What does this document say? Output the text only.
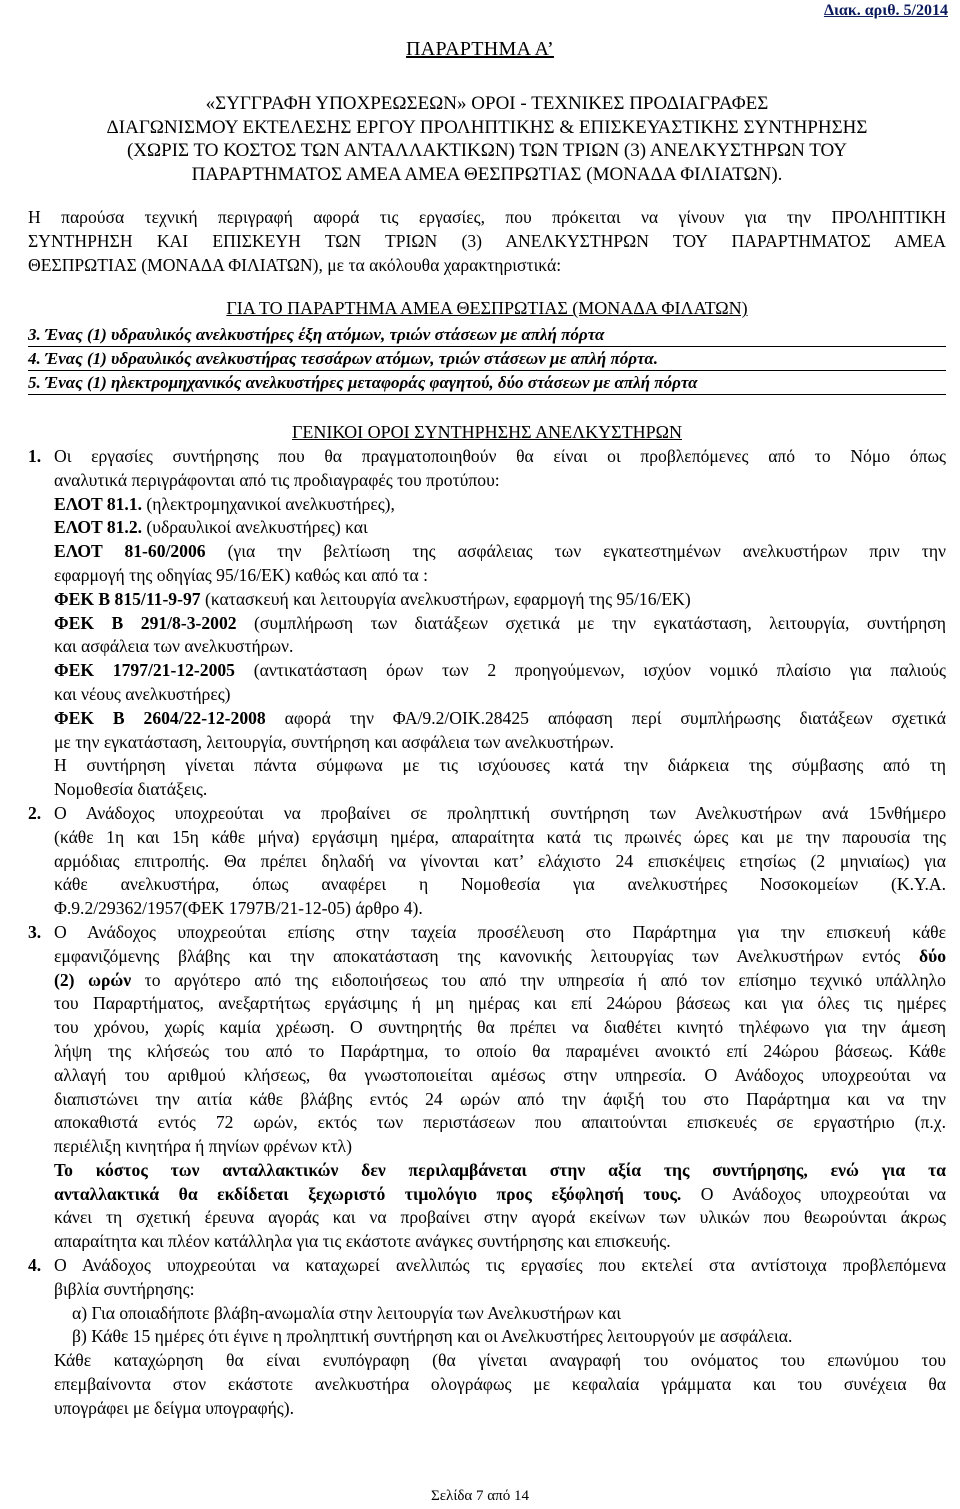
Διακ. αριθ. 5/2014
ΠΑΡΑΡΤΗΜΑ Α’
«ΣΥΓΓΡΑΦΗ ΥΠΟΧΡΕΩΣΕΩΝ» ΟΡΟΙ - ΤΕΧΝΙΚΕΣ ΠΡΟΔΙΑΓΡΑΦΕΣ
ΔΙΑΓΩΝΙΣΜΟΥ ΕΚΤΕΛΕΣΗΣ ΕΡΓΟΥ ΠΡΟΛΗΠΤΙΚΗΣ & ΕΠΙΣΚΕΥΑΣΤΙΚΗΣ ΣΥΝΤΗΡΗΣΗΣ
(ΧΩΡΙΣ ΤΟ ΚΟΣΤΟΣ ΤΩΝ ΑΝΤΑΛΛΑΚΤΙΚΩΝ) ΤΩΝ ΤΡΙΩΝ (3) ΑΝΕΛΚΥΣΤΗΡΩΝ ΤΟΥ
ΠΑΡΑΡΤΗΜΑΤΟΣ ΑΜΕΑ ΑΜΕΑ ΘΕΣΠΡΩΤΙΑΣ (ΜΟΝΑΔΑ ΦΙΛΙΑΤΩΝ).
Η παρούσα τεχνική περιγραφή αφορά τις εργασίες, που πρόκειται να γίνουν για την ΠΡΟΛΗΠΤΙΚΗ
ΣΥΝΤΗΡΗΣΗ ΚΑΙ ΕΠΙΣΚΕΥΗ ΤΩΝ ΤΡΙΩΝ (3) ΑΝΕΛΚΥΣΤΗΡΩΝ ΤΟΥ ΠΑΡΑΡΤΗΜΑΤΟΣ ΑΜΕΑ
ΘΕΣΠΡΩΤΙΑΣ (ΜΟΝΑΔΑ ΦΙΛΙΑΤΩΝ), με τα ακόλουθα χαρακτηριστικά:
ΓΙΑ ΤΟ ΠΑΡΑΡΤΗΜΑ ΑΜΕΑ ΘΕΣΠΡΩΤΙΑΣ (ΜΟΝΑΔΑ ΦΙΛΑΤΩΝ)
3. Ένας (1) υδραυλικός ανελκυστήρες έξη ατόμων, τριών στάσεων με απλή πόρτα
4. Ένας (1) υδραυλικός ανελκυστήρας τεσσάρων ατόμων, τριών στάσεων με απλή πόρτα.
5. Ένας (1) ηλεκτρομηχανικός ανελκυστήρες μεταφοράς φαγητού, δύο στάσεων με απλή πόρτα
ΓΕΝΙΚΟΙ ΟΡΟΙ ΣΥΝΤΗΡΗΣΗΣ ΑΝΕΛΚΥΣΤΗΡΩΝ
1. Οι εργασίες συντήρησης που θα πραγματοποιηθούν θα είναι οι προβλεπόμενες από το Νόμο όπως
αναλυτικά περιγράφονται από τις προδιαγραφές του προτύπου:
ΕΛΟΤ 81.1. (ηλεκτρομηχανικοί ανελκυστήρες),
ΕΛΟΤ 81.2. (υδραυλικοί ανελκυστήρες) και
ΕΛΟΤ 81-60/2006 (για την βελτίωση της ασφάλειας των εγκατεστημένων ανελκυστήρων πριν την
εφαρμογή της οδηγίας 95/16/ΕΚ) καθώς και από τα :
ΦΕΚ Β 815/11-9-97 (κατασκευή και λειτουργία ανελκυστήρων, εφαρμογή της 95/16/ΕΚ)
ΦΕΚ Β 291/8-3-2002 (συμπλήρωση των διατάξεων σχετικά με την εγκατάσταση, λειτουργία, συντήρηση
και ασφάλεια των ανελκυστήρων.
ΦΕΚ 1797/21-12-2005 (αντικατάσταση όρων των 2 προηγούμενων, ισχύον νομικό πλαίσιο για παλιούς
και νέους ανελκυστήρες)
ΦΕΚ Β 2604/22-12-2008 αφορά την ΦΑ/9.2/ΟΙΚ.28425 απόφαση περί συμπλήρωσης διατάξεων σχετικά
με την εγκατάσταση, λειτουργία, συντήρηση και ασφάλεια των ανελκυστήρων.
Η συντήρηση γίνεται πάντα σύμφωνα με τις ισχύουσες κατά την διάρκεια της σύμβασης από τη
Νομοθεσία διατάξεις.
2. Ο Ανάδοχος υποχρεούται να προβαίνει σε προληπτική συντήρηση των Ανελκυστήρων ανά 15νθήμερο
(κάθε 1η και 15η κάθε μήνα) εργάσιμη ημέρα, απαραίτητα κατά τις πρωινές ώρες και με την παρουσία της
αρμόδιας επιτροπής. Θα πρέπει δηλαδή να γίνονται κατ’ ελάχιστο 24 επισκέψεις ετησίως (2 μηνιαίως) για
κάθε ανελκυστήρα, όπως αναφέρει η Νομοθεσία για ανελκυστήρες Νοσοκομείων (Κ.Υ.Α.
Φ.9.2/29362/1957(ΦΕΚ 1797Β/21-12-05) άρθρο 4).
3. Ο Ανάδοχος υποχρεούται επίσης στην ταχεία προσέλευση στο Παράρτημα για την επισκευή κάθε
εμφανιζόμενης βλάβης και την αποκατάσταση της κανονικής λειτουργίας των Ανελκυστήρων εντός δύο
(2) ωρών το αργότερο από της ειδοποιήσεως του από την υπηρεσία ή από τον επίσημο τεχνικό υπάλληλο
του Παραρτήματος, ανεξαρτήτως εργάσιμης ή μη ημέρας και επί 24ώρου βάσεως και για όλες τις ημέρες
του χρόνου, χωρίς καμία χρέωση. Ο συντηρητής θα πρέπει να διαθέτει κινητό τηλέφωνο για την άμεση
λήψη της κλήσεώς του από το Παράρτημα, το οποίο θα παραμένει ανοικτό επί 24ώρου βάσεως. Κάθε
αλλαγή του αριθμού κλήσεως, θα γνωστοποιείται αμέσως στην υπηρεσία. Ο Ανάδοχος υποχρεούται να
διαπιστώνει την αιτία κάθε βλάβης εντός 24 ωρών από την άφιξή του στο Παράρτημα και να την
αποκαθιστά εντός 72 ωρών, εκτός των περιστάσεων που απαιτούνται επισκευές σε εργαστήριο (π.χ.
περιέλιξη κινητήρα ή πηνίων φρένων κτλ)
Το κόστος των ανταλλακτικών δεν περιλαμβάνεται στην αξία της συντήρησης, ενώ για τα
ανταλλακτικά θα εκδίδεται ξεχωριστό τιμολόγιο προς εξόφλησή τους. Ο Ανάδοχος υποχρεούται να
κάνει τη σχετική έρευνα αγοράς και να προβαίνει στην αγορά εκείνων των υλικών που θεωρούνται άκρως
απαραίτητα και πλέον κατάλληλα για τις εκάστοτε ανάγκες συντήρησης και επισκευής.
4. Ο Ανάδοχος υποχρεούται να καταχωρεί ανελλιπώς τις εργασίες που εκτελεί στα αντίστοιχα προβλεπόμενα
βιβλία συντήρησης:
α) Για οποιαδήποτε βλάβη-ανωμαλία στην λειτουργία των Ανελκυστήρων και
β) Κάθε 15 ημέρες ότι έγινε η προληπτική συντήρηση και οι Ανελκυστήρες λειτουργούν με ασφάλεια.
Κάθε καταχώρηση θα είναι ενυπόγραφη (θα γίνεται αναγραφή του ονόματος του επωνύμου του
επεμβαίνοντα στον εκάστοτε ανελκυστήρα ολογράφως με κεφαλαία γράμματα και του συνέχεια θα
υπογράφει με δείγμα υπογραφής).
Σελίδα 7 από 14
